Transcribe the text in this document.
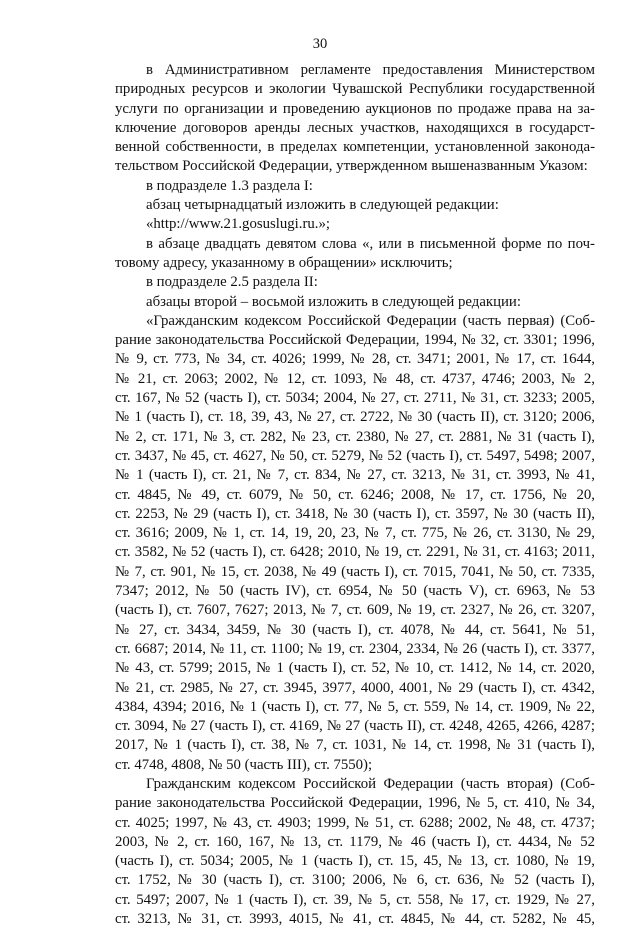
30
в Административном регламенте предоставления Министерством
природных ресурсов и экологии Чувашской Республики государственной
услуги по организации и проведению аукционов по продаже права на за-
ключение договоров аренды лесных участков, находящихся в государст-
венной собственности, в пределах компетенции, установленной законода-
тельством Российской Федерации, утвержденном вышеназванным Указом:
в подразделе 1.3 раздела I:
абзац четырнадцатый изложить в следующей редакции:
«http://www.21.gosuslugi.ru.»;
в абзаце двадцать девятом слова «, или в письменной форме по поч-
товому адресу, указанному в обращении» исключить;
в подразделе 2.5 раздела II:
абзацы второй – восьмой изложить в следующей редакции:
«Гражданским кодексом Российской Федерации (часть первая) (Соб-
рание законодательства Российской Федерации, 1994, № 32, ст. 3301; 1996,
№ 9, ст. 773, № 34, ст. 4026; 1999, № 28, ст. 3471; 2001, № 17, ст. 1644,
№ 21, ст. 2063; 2002, № 12, ст. 1093, № 48, ст. 4737, 4746; 2003, № 2,
ст. 167, № 52 (часть I), ст. 5034; 2004, № 27, ст. 2711, № 31, ст. 3233; 2005,
№ 1 (часть I), ст. 18, 39, 43, № 27, ст. 2722, № 30 (часть II), ст. 3120; 2006,
№ 2, ст. 171, № 3, ст. 282, № 23, ст. 2380, № 27, ст. 2881, № 31 (часть I),
ст. 3437, № 45, ст. 4627, № 50, ст. 5279, № 52 (часть I), ст. 5497, 5498; 2007,
№ 1 (часть I), ст. 21, № 7, ст. 834, № 27, ст. 3213, № 31, ст. 3993, № 41,
ст. 4845, № 49, ст. 6079, № 50, ст. 6246; 2008, № 17, ст. 1756, № 20,
ст. 2253, № 29 (часть I), ст. 3418, № 30 (часть I), ст. 3597, № 30 (часть II),
ст. 3616; 2009, № 1, ст. 14, 19, 20, 23, № 7, ст. 775, № 26, ст. 3130, № 29,
ст. 3582, № 52 (часть I), ст. 6428; 2010, № 19, ст. 2291, № 31, ст. 4163; 2011,
№ 7, ст. 901, № 15, ст. 2038, № 49 (часть I), ст. 7015, 7041, № 50, ст. 7335,
7347; 2012, № 50 (часть IV), ст. 6954, № 50 (часть V), ст. 6963, № 53
(часть I), ст. 7607, 7627; 2013, № 7, ст. 609, № 19, ст. 2327, № 26, ст. 3207,
№ 27, ст. 3434, 3459, № 30 (часть I), ст. 4078, № 44, ст. 5641, № 51,
ст. 6687; 2014, № 11, ст. 1100; № 19, ст. 2304, 2334, № 26 (часть I), ст. 3377,
№ 43, ст. 5799; 2015, № 1 (часть I), ст. 52, № 10, ст. 1412, № 14, ст. 2020,
№ 21, ст. 2985, № 27, ст. 3945, 3977, 4000, 4001, № 29 (часть I), ст. 4342,
4384, 4394; 2016, № 1 (часть I), ст. 77, № 5, ст. 559, № 14, ст. 1909, № 22,
ст. 3094, № 27 (часть I), ст. 4169, № 27 (часть II), ст. 4248, 4265, 4266, 4287;
2017, № 1 (часть I), ст. 38, № 7, ст. 1031, № 14, ст. 1998, № 31 (часть I),
ст. 4748, 4808, № 50 (часть III), ст. 7550);
Гражданским кодексом Российской Федерации (часть вторая) (Соб-
рание законодательства Российской Федерации, 1996, № 5, ст. 410, № 34,
ст. 4025; 1997, № 43, ст. 4903; 1999, № 51, ст. 6288; 2002, № 48, ст. 4737;
2003, № 2, ст. 160, 167, № 13, ст. 1179, № 46 (часть I), ст. 4434, № 52
(часть I), ст. 5034; 2005, № 1 (часть I), ст. 15, 45, № 13, ст. 1080, № 19,
ст. 1752, № 30 (часть I), ст. 3100; 2006, № 6, ст. 636, № 52 (часть I),
ст. 5497; 2007, № 1 (часть I), ст. 39, № 5, ст. 558, № 17, ст. 1929, № 27,
ст. 3213, № 31, ст. 3993, 4015, № 41, ст. 4845, № 44, ст. 5282, № 45,
